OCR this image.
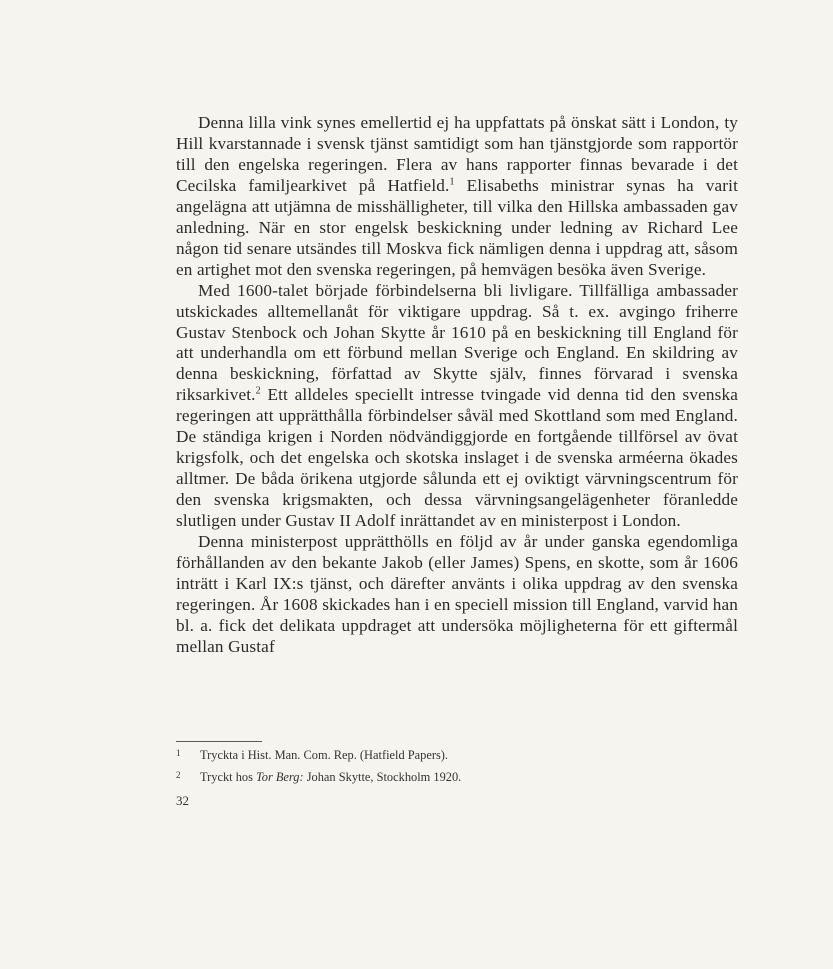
Denna lilla vink synes emellertid ej ha uppfattats på önskat sätt i London, ty Hill kvarstannade i svensk tjänst samtidigt som han tjänstgjorde som rapportör till den engelska regeringen. Flera av hans rapporter finnas bevarade i det Cecilska familjearkivet på Hatfield.$^1$ Elisabeths ministrar synas ha varit angelägna att utjämna de misshälligheter, till vilka den Hillska ambassaden gav anledning. När en stor engelsk beskickning under ledning av Richard Lee någon tid senare utsändes till Moskva fick nämligen denna i uppdrag att, såsom en artighet mot den svenska regeringen, på hemvägen besöka även Sverige.

Med 1600-talet började förbindelserna bli livligare. Tillfälliga ambassader utskickades alltemellanåt för viktigare uppdrag. Så t. ex. avgingo friherre Gustav Stenbock och Johan Skytte år 1610 på en beskickning till England för att underhandla om ett förbund mellan Sverige och England. En skildring av denna beskickning, författad av Skytte själv, finnes förvarad i svenska riksarkivet.$^2$ Ett alldeles speciellt intresse tvingade vid denna tid den svenska regeringen att upprätthålla förbindelser såväl med Skottland som med England. De ständiga krigen i Norden nödvändiggjorde en fortgående tillförsel av övat krigsfolk, och det engelska och skotska inslaget i de svenska arméerna ökades alltmer. De båda örikena utgjorde sålunda ett ej oviktigt värvningscentrum för den svenska krigsmakten, och dessa värvningsangelägenheter föranledde slutligen under Gustav II Adolf inrättandet av en ministerpost i London.

Denna ministerpost upprätthölls en följd av år under ganska egendomliga förhållanden av den bekante Jakob (eller James) Spens, en skotte, som år 1606 inträtt i Karl IX:s tjänst, och därefter använts i olika uppdrag av den svenska regeringen. År 1608 skickades han i en speciell mission till England, varvid han bl. a. fick det delikata uppdraget att undersöka möjligheterna för ett giftermål mellan Gustaf

1 Tryckta i Hist. Man. Com. Rep. (Hatfield Papers).
2 Tryckt hos Tor Berg: Johan Skytte, Stockholm 1920.
32
